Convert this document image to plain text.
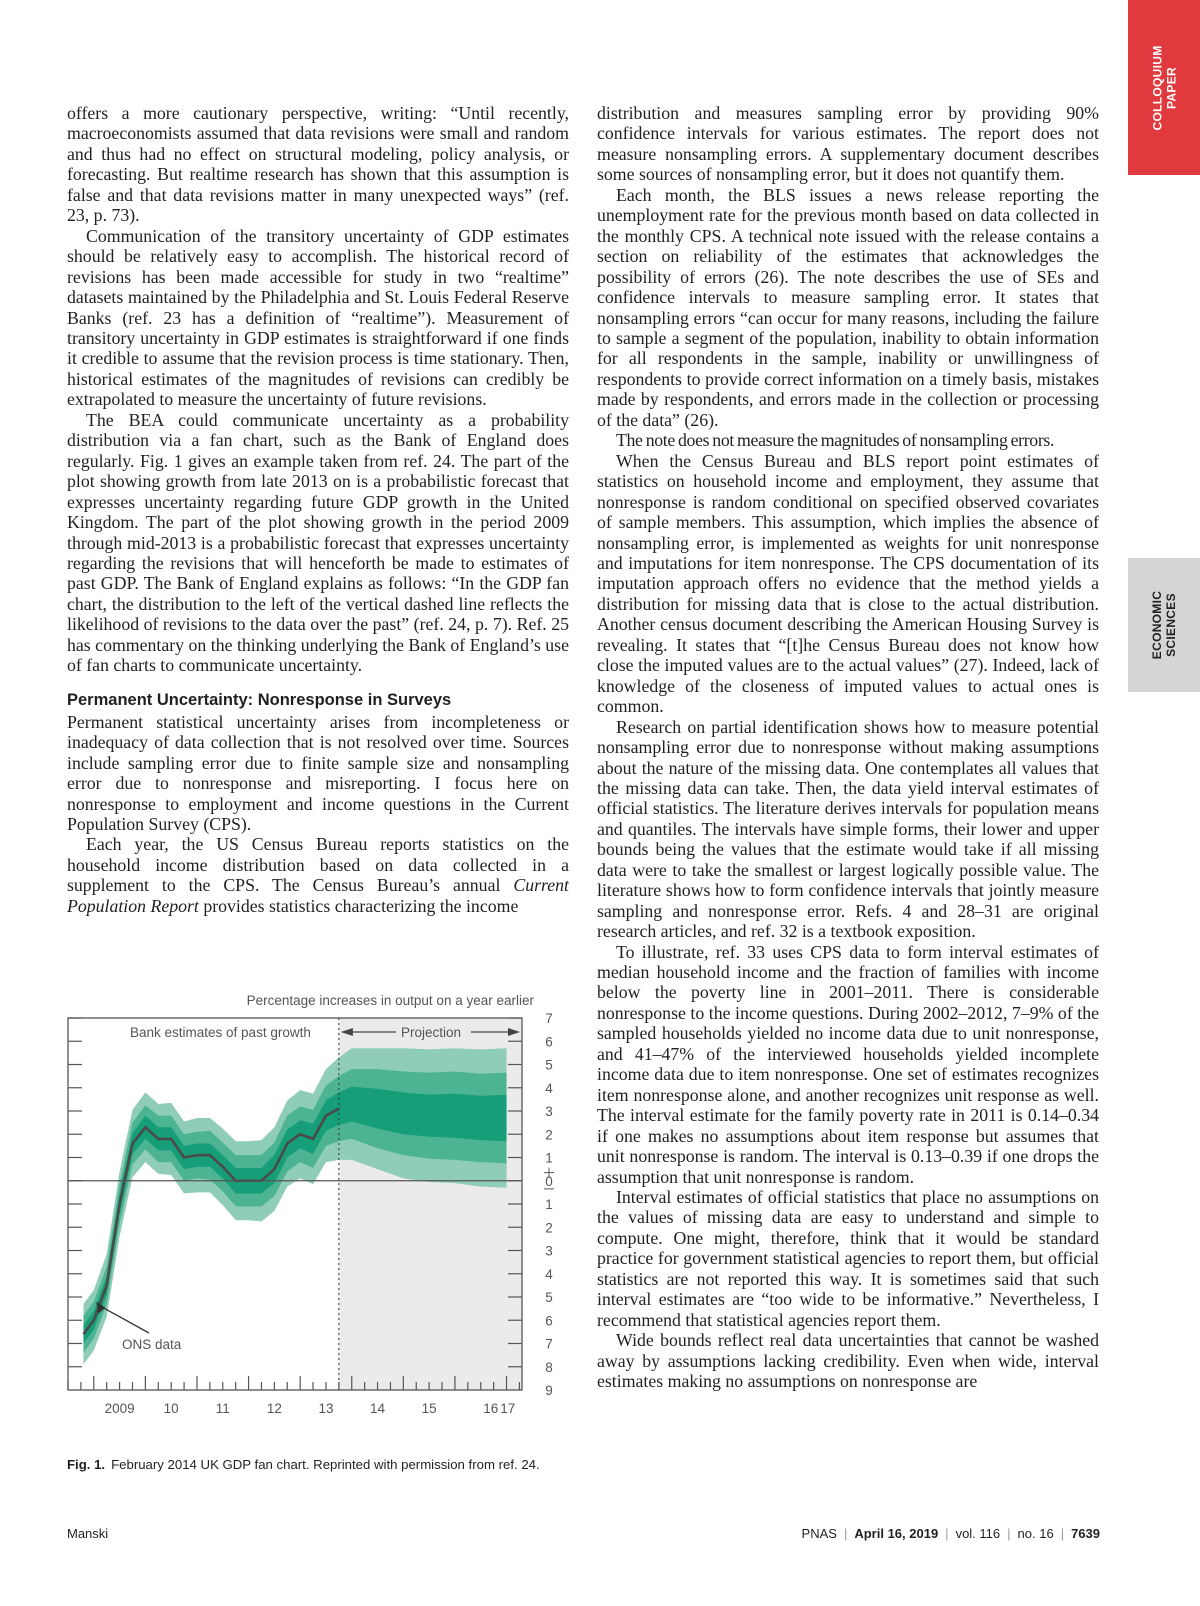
COLLOQUIUM
PAPER
ECONOMIC
SCIENCES

offers a more cautionary perspective, writing: “Until recently, macroeconomists assumed that data revisions were small and random and thus had no effect on structural modeling, policy analysis, or forecasting. But realtime research has shown that this assumption is false and that data revisions matter in many unexpected ways” (ref. 23, p. 73).

Communication of the transitory uncertainty of GDP estimates should be relatively easy to accomplish. The historical record of revisions has been made accessible for study in two “realtime” datasets maintained by the Philadelphia and St. Louis Federal Reserve Banks (ref. 23 has a definition of “realtime”). Measurement of transitory uncertainty in GDP estimates is straightforward if one finds it credible to assume that the revision process is time stationary. Then, historical estimates of the magnitudes of revisions can credibly be extrapolated to measure the uncertainty of future revisions.

The BEA could communicate uncertainty as a probability distribution via a fan chart, such as the Bank of England does regularly. Fig. 1 gives an example taken from ref. 24. The part of the plot showing growth from late 2013 on is a probabilistic forecast that expresses uncertainty regarding future GDP growth in the United Kingdom. The part of the plot showing growth in the period 2009 through mid-2013 is a probabilistic forecast that expresses uncertainty regarding the revisions that will henceforth be made to estimates of past GDP. The Bank of England explains as follows: “In the GDP fan chart, the distribution to the left of the vertical dashed line reflects the likelihood of revisions to the data over the past” (ref. 24, p. 7). Ref. 25 has commentary on the thinking underlying the Bank of England’s use of fan charts to communicate uncertainty.

Permanent Uncertainty: Nonresponse in Surveys

Permanent statistical uncertainty arises from incompleteness or inadequacy of data collection that is not resolved over time. Sources include sampling error due to finite sample size and nonsampling error due to nonresponse and misreporting. I focus here on nonresponse to employment and income questions in the Current Population Survey (CPS).

Each year, the US Census Bureau reports statistics on the household income distribution based on data collected in a supplement to the CPS. The Census Bureau’s annual Current Population Report provides statistics characterizing the income

distribution and measures sampling error by providing 90% confidence intervals for various estimates. The report does not measure nonsampling errors. A supplementary document describes some sources of nonsampling error, but it does not quantify them.

Each month, the BLS issues a news release reporting the unemployment rate for the previous month based on data collected in the monthly CPS. A technical note issued with the release contains a section on reliability of the estimates that acknowledges the possibility of errors (26). The note describes the use of SEs and confidence intervals to measure sampling error. It states that nonsampling errors “can occur for many reasons, including the failure to sample a segment of the population, inability to obtain information for all respondents in the sample, inability or unwillingness of respondents to provide correct information on a timely basis, mistakes made by respondents, and errors made in the collection or processing of the data” (26).

The note does not measure the magnitudes of nonsampling errors.

When the Census Bureau and BLS report point estimates of statistics on household income and employment, they assume that nonresponse is random conditional on specified observed covariates of sample members. This assumption, which implies the absence of nonsampling error, is implemented as weights for unit nonresponse and imputations for item nonresponse. The CPS documentation of its imputation approach offers no evidence that the method yields a distribution for missing data that is close to the actual distribution. Another census document describing the American Housing Survey is revealing. It states that “[t]he Census Bureau does not know how close the imputed values are to the actual values” (27). Indeed, lack of knowledge of the closeness of imputed values to actual ones is common.

Research on partial identification shows how to measure potential nonsampling error due to nonresponse without making assumptions about the nature of the missing data. One contemplates all values that the missing data can take. Then, the data yield interval estimates of official statistics. The literature derives intervals for population means and quantiles. The intervals have simple forms, their lower and upper bounds being the values that the estimate would take if all missing data were to take the smallest or largest logically possible value. The literature shows how to form confidence intervals that jointly measure sampling and nonresponse error. Refs. 4 and 28–31 are original research articles, and ref. 32 is a textbook exposition.

To illustrate, ref. 33 uses CPS data to form interval estimates of median household income and the fraction of families with income below the poverty line in 2001–2011. There is considerable nonresponse to the income questions. During 2002–2012, 7–9% of the sampled households yielded no income data due to unit nonresponse, and 41–47% of the interviewed households yielded incomplete income data due to item nonresponse. One set of estimates recognizes item nonresponse alone, and another recognizes unit response as well. The interval estimate for the family poverty rate in 2011 is 0.14–0.34 if one makes no assumptions about item response but assumes that unit nonresponse is random. The interval is 0.13–0.39 if one drops the assumption that unit nonresponse is random.

Interval estimates of official statistics that place no assumptions on the values of missing data are easy to understand and simple to compute. One might, therefore, think that it would be standard practice for government statistical agencies to report them, but official statistics are not reported this way. It is sometimes said that such interval estimates are “too wide to be informative.” Nevertheless, I recommend that statistical agencies report them.

Wide bounds reflect real data uncertainties that cannot be washed away by assumptions lacking credibility. Even when wide, interval estimates making no assumptions on nonresponse are

7
6
5
4
3
2
1
0
1
2
3
4
5
6
7
8
9
2009 10	11	12	13	14	15	16 17
Percentage increases in output on a year earlier
Bank estimates of past growth	Projection
ONS data
Fig. 1. February 2014 UK GDP fan chart. Reprinted with permission from ref. 24.
Manski	PNAS | April 16, 2019 | vol. 116 | no. 16 | 7639
